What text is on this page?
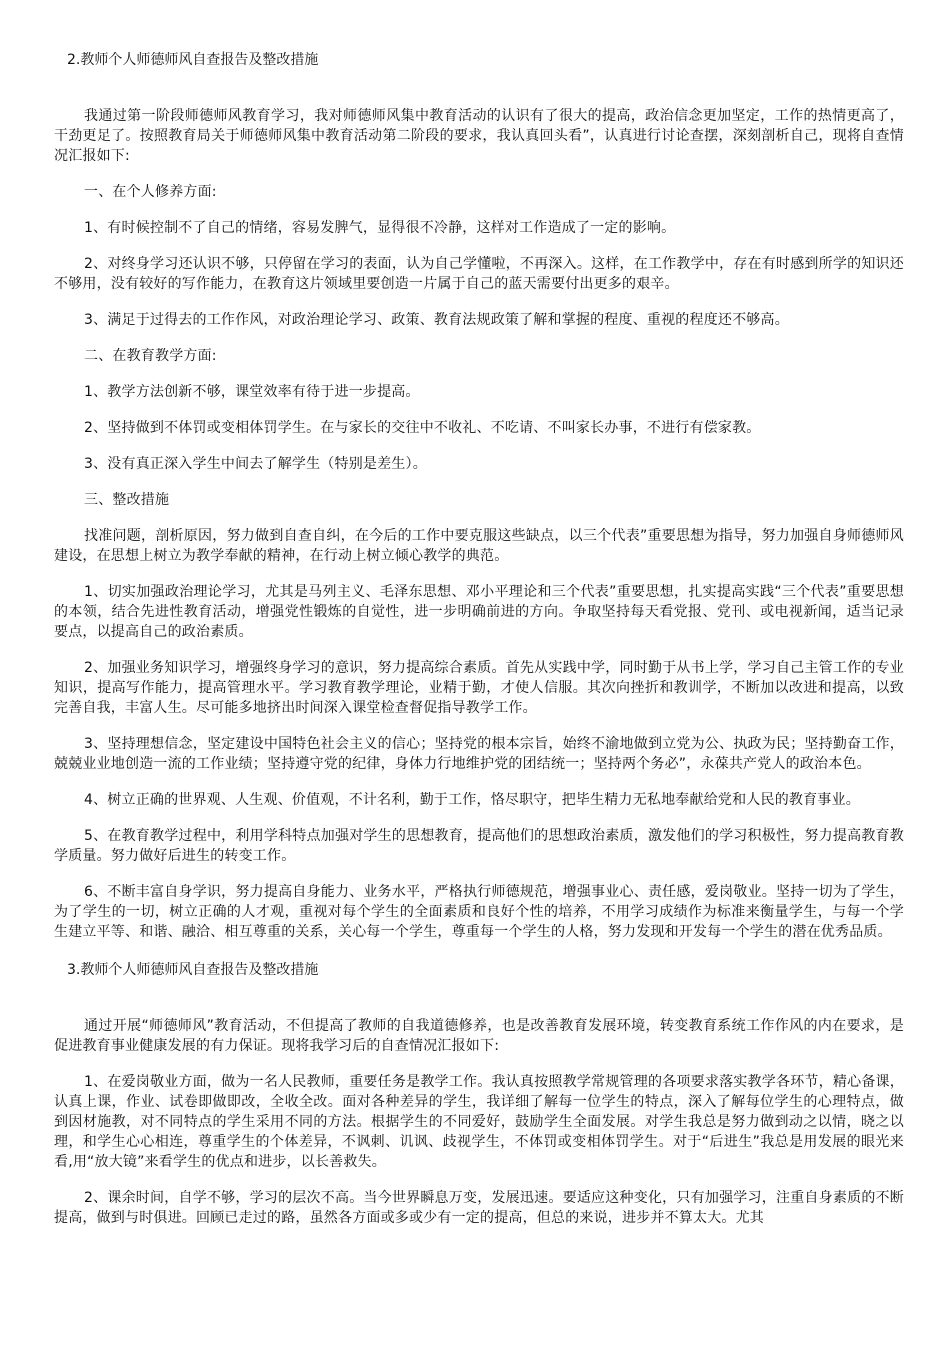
2.教师个人师德师风自查报告及整改措施

我通过第一阶段师德师风教育学习，我对师德师风集中教育活动的认识有了很大的提高，政治信念更加坚定，工作的热情更高了，干劲更足了。按照教育局关于师德师风集中教育活动第二阶段的要求，我认真回头看”，认真进行讨论查摆，深刻剖析自己，现将自查情况汇报如下:

一、在个人修养方面:

1、有时候控制不了自己的情绪，容易发脾气，显得很不冷静，这样对工作造成了一定的影响。

2、对终身学习还认识不够，只停留在学习的表面，认为自己学懂啦，不再深入。这样，在工作教学中，存在有时感到所学的知识还不够用，没有较好的写作能力，在教育这片领域里要创造一片属于自己的蓝天需要付出更多的艰辛。

3、满足于过得去的工作作风，对政治理论学习、政策、教育法规政策了解和掌握的程度、重视的程度还不够高。

二、在教育教学方面:

1、教学方法创新不够，课堂效率有待于进一步提高。

2、坚持做到不体罚或变相体罚学生。在与家长的交往中不收礼、不吃请、不叫家长办事，不进行有偿家教。

3、没有真正深入学生中间去了解学生（特别是差生）。

三、整改措施

找准问题，剖析原因，努力做到自查自纠，在今后的工作中要克服这些缺点，以三个代表”重要思想为指导，努力加强自身师德师风建设，在思想上树立为教学奉献的精神，在行动上树立倾心教学的典范。

1、切实加强政治理论学习，尤其是马列主义、毛泽东思想、邓小平理论和三个代表”重要思想，扎实提高实践“三个代表”重要思想的本领，结合先进性教育活动，增强党性锻炼的自觉性，进一步明确前进的方向。争取坚持每天看党报、党刊、或电视新闻，适当记录要点，以提高自己的政治素质。

2、加强业务知识学习，增强终身学习的意识，努力提高综合素质。首先从实践中学，同时勤于从书上学，学习自己主管工作的专业知识，提高写作能力，提高管理水平。学习教育教学理论，业精于勤，才使人信服。其次向挫折和教训学，不断加以改进和提高，以致完善自我，丰富人生。尽可能多地挤出时间深入课堂检查督促指导教学工作。

3、坚持理想信念，坚定建设中国特色社会主义的信心；坚持党的根本宗旨，始终不渝地做到立党为公、执政为民；坚持勤奋工作，兢兢业业地创造一流的工作业绩；坚持遵守党的纪律，身体力行地维护党的团结统一；坚持两个务必”，永葆共产党人的政治本色。

4、树立正确的世界观、人生观、价值观，不计名利，勤于工作，恪尽职守，把毕生精力无私地奉献给党和人民的教育事业。

5、在教育教学过程中，利用学科特点加强对学生的思想教育，提高他们的思想政治素质，激发他们的学习积极性，努力提高教育教学质量。努力做好后进生的转变工作。

6、不断丰富自身学识，努力提高自身能力、业务水平，严格执行师德规范，增强事业心、责任感，爱岗敬业。坚持一切为了学生，为了学生的一切，树立正确的人才观，重视对每个学生的全面素质和良好个性的培养，不用学习成绩作为标准来衡量学生，与每一个学生建立平等、和谐、融洽、相互尊重的关系，关心每一个学生，尊重每一个学生的人格，努力发现和开发每一个学生的潜在优秀品质。

3.教师个人师德师风自查报告及整改措施

通过开展“师德师风”教育活动，不但提高了教师的自我道德修养，也是改善教育发展环境，转变教育系统工作作风的内在要求，是促进教育事业健康发展的有力保证。现将我学习后的自查情况汇报如下:

1、在爱岗敬业方面，做为一名人民教师，重要任务是教学工作。我认真按照教学常规管理的各项要求落实教学各环节，精心备课，认真上课，作业、试卷即做即改，全收全改。面对各种差异的学生，我详细了解每一位学生的特点，深入了解每位学生的心理特点，做到因材施教，对不同特点的学生采用不同的方法。根据学生的不同爱好，鼓励学生全面发展。对学生我总是努力做到动之以情，晓之以理，和学生心心相连，尊重学生的个体差异，不讽刺、讥讽、歧视学生，不体罚或变相体罚学生。对于“后进生”我总是用发展的眼光来看,用“放大镜”来看学生的优点和进步，以长善救失。

2、课余时间，自学不够，学习的层次不高。当今世界瞬息万变，发展迅速。要适应这种变化，只有加强学习，注重自身素质的不断提高，做到与时俱进。回顾已走过的路，虽然各方面或多或少有一定的提高，但总的来说，进步并不算太大。尤其
